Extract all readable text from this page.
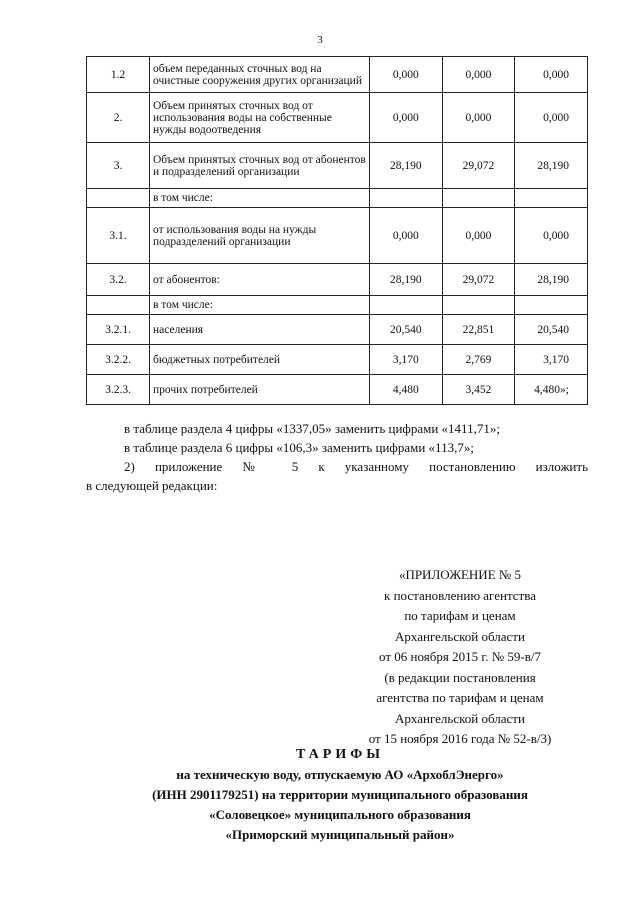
3
1.2	объем переданных сточных вод на очистные сооружения других организаций	0,000	0,000	0,000
2.	Объем принятых сточных вод от использования воды на собственные нужды водоотведения	0,000	0,000	0,000
3.	Объем принятых сточных вод от абонентов и подразделений организации	28,190	29,072	28,190
	в том числе:			
3.1.	от использования воды на нужды подразделений организации	0,000	0,000	0,000
3.2.	от абонентов:	28,190	29,072	28,190
	в том числе:			
3.2.1.	населения	20,540	22,851	20,540
3.2.2.	бюджетных потребителей	3,170	2,769	3,170
3.2.3.	прочих потребителей	4,480	3,452	4,480»;

в таблице раздела 4 цифры «1337,05» заменить цифрами «1411,71»;

в таблице раздела 6 цифры «106,3» заменить цифрами «113,7»;

2) приложение № 5 к указанному постановлению изложить

в следующей редакции:

«ПРИЛОЖЕНИЕ № 5
к постановлению агентства
по тарифам и ценам
Архангельской области
от 06 ноября 2015 г. № 59-в/7
(в редакции постановления
агентства по тарифам и ценам
Архангельской области
от 15 ноября 2016 года № 52-в/3)
ТАРИФЫ
на техническую воду, отпускаемую АО «АрхоблЭнерго»
(ИНН 2901179251) на территории муниципального образования
«Соловецкое» муниципального образования
«Приморский муниципальный район»
